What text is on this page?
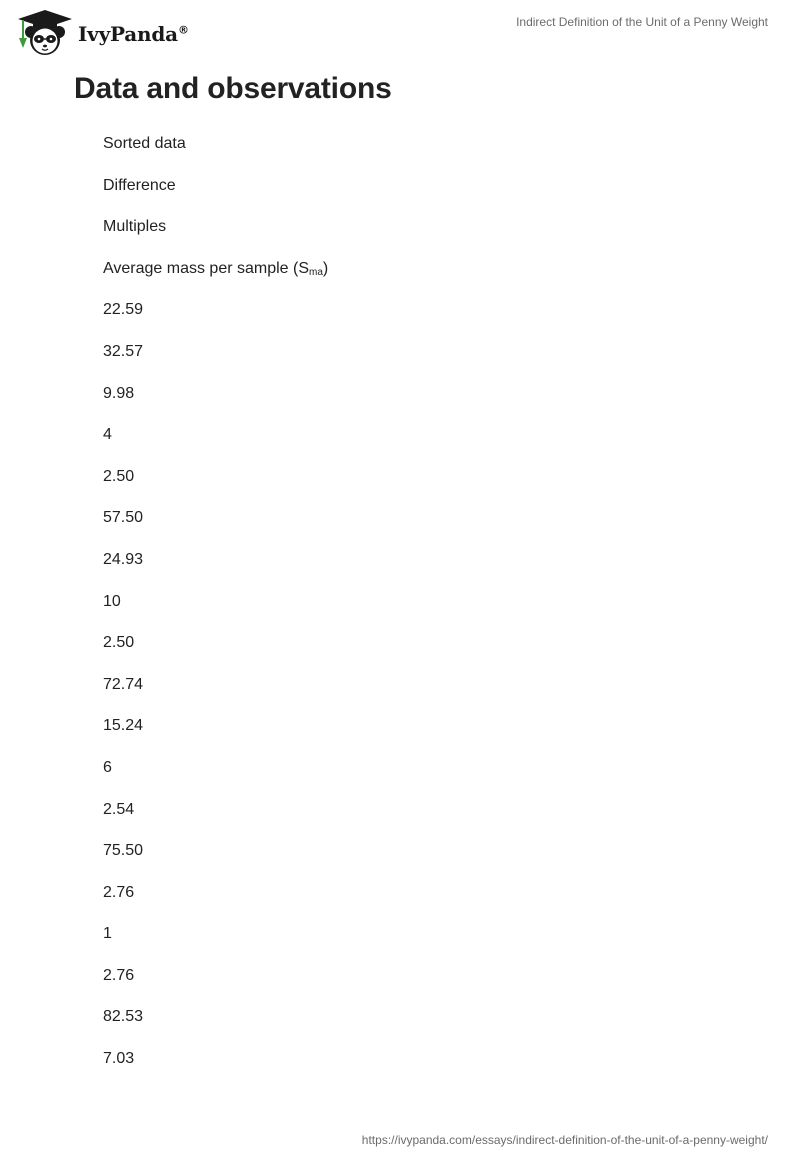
IvyPanda®
Indirect Definition of the Unit of a Penny Weight
Data and observations
Sorted data
Difference
Multiples
Average mass per sample $(S_{ma})$
22.59
32.57
9.98
4
2.50
57.50
24.93
10
2.50
72.74
15.24
6
2.54
75.50
2.76
1
2.76
82.53
7.03
https://ivypanda.com/essays/indirect-definition-of-the-unit-of-a-penny-weight/
